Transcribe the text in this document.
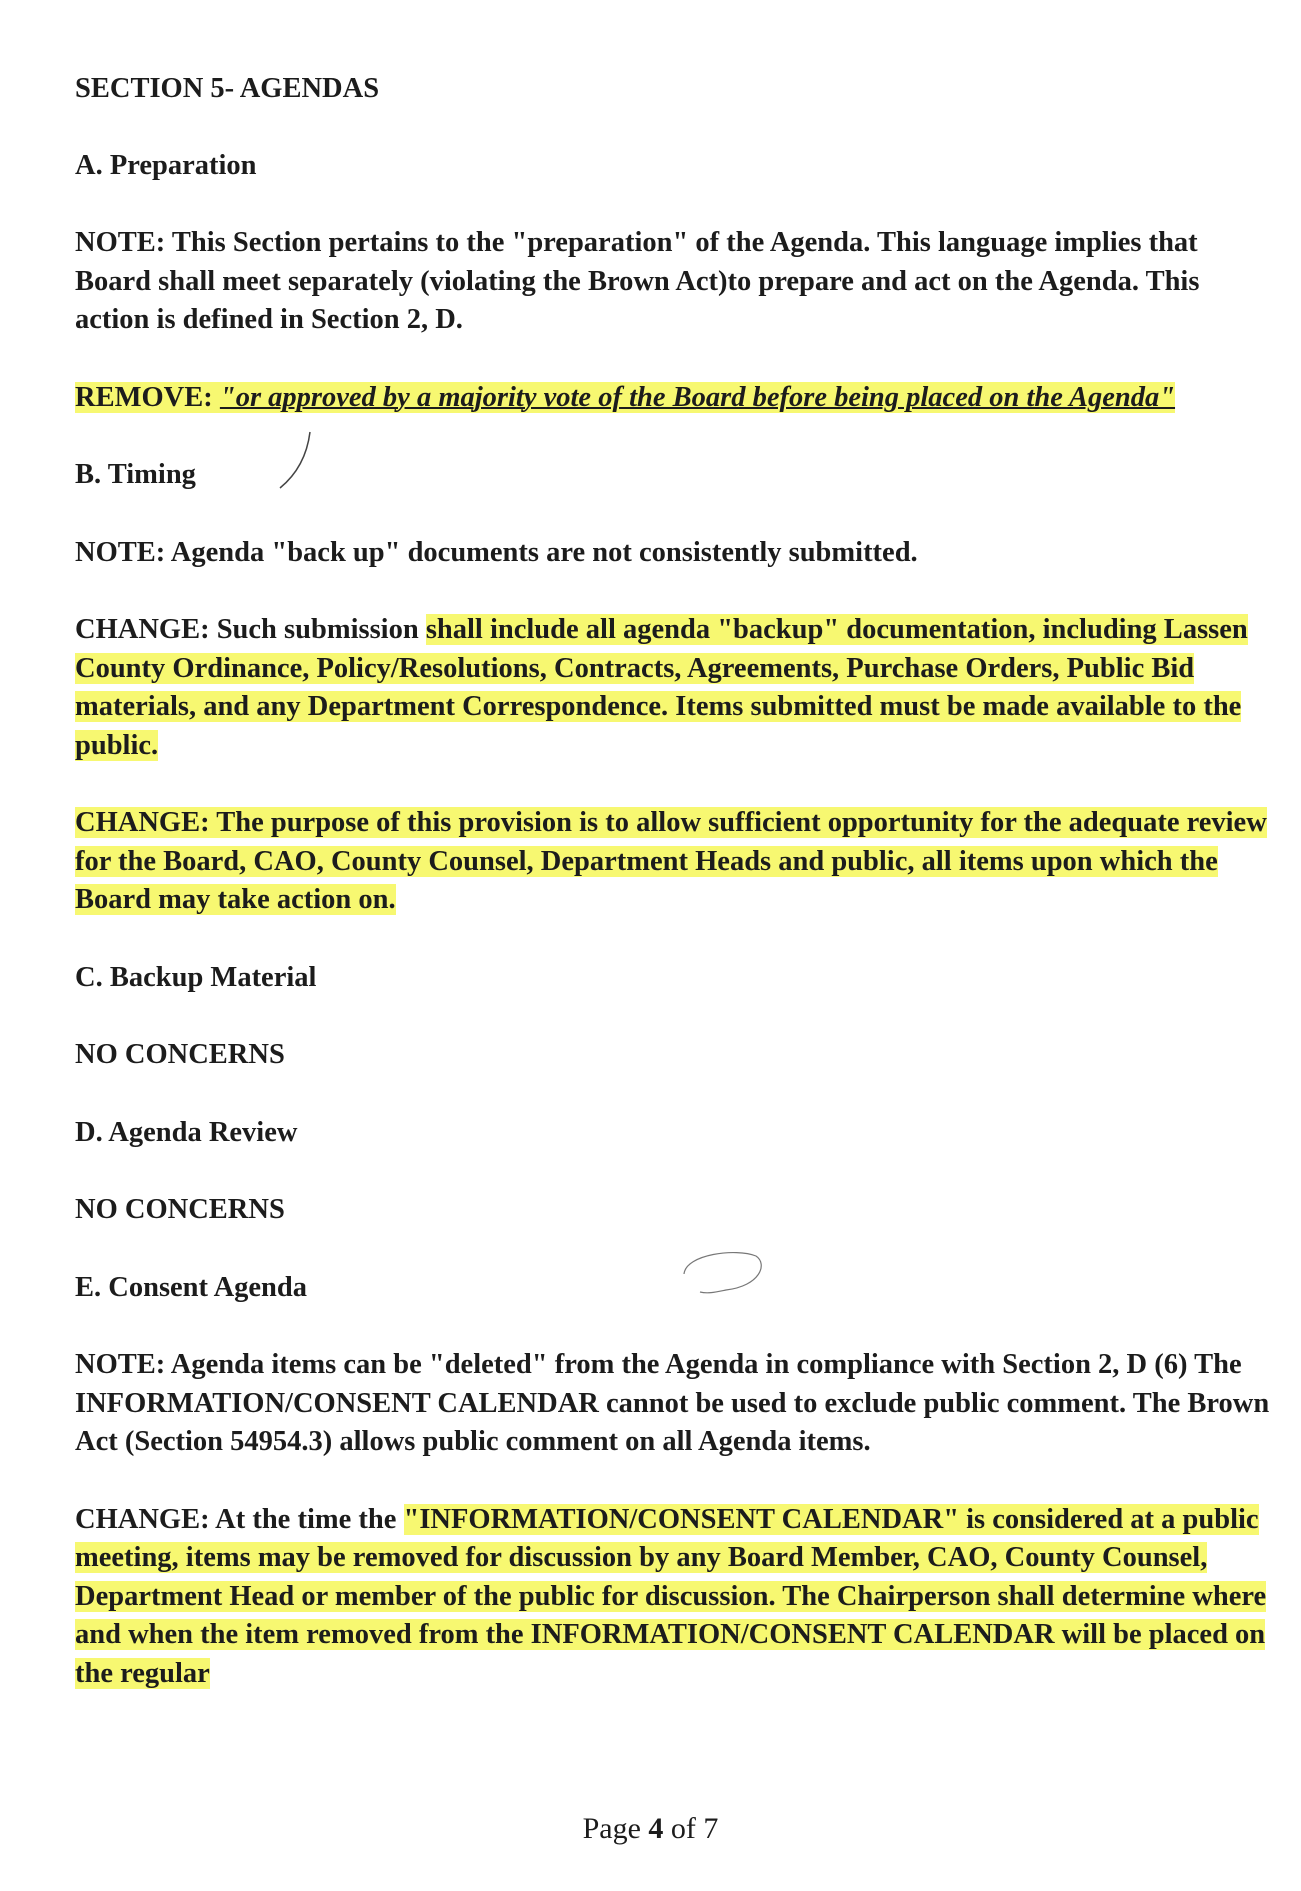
SECTION 5- AGENDAS

A. Preparation

NOTE: This Section pertains to the "preparation" of the Agenda. This language implies that Board shall meet separately (violating the Brown Act)to prepare and act on the Agenda. This action is defined in Section 2, D.

REMOVE: "or approved by a majority vote of the Board before being placed on the Agenda"

B. Timing

NOTE: Agenda "back up" documents are not consistently submitted.

CHANGE: Such submission shall include all agenda "backup" documentation, including Lassen County Ordinance, Policy/Resolutions, Contracts, Agreements, Purchase Orders, Public Bid materials, and any Department Correspondence. Items submitted must be made available to the public.

CHANGE: The purpose of this provision is to allow sufficient opportunity for the adequate review for the Board, CAO, County Counsel, Department Heads and public, all items upon which the Board may take action on.

C. Backup Material

NO CONCERNS

D. Agenda Review

NO CONCERNS

E. Consent Agenda

NOTE: Agenda items can be "deleted" from the Agenda in compliance with Section 2, D (6) The INFORMATION/CONSENT CALENDAR cannot be used to exclude public comment. The Brown Act (Section 54954.3) allows public comment on all Agenda items.

CHANGE: At the time the "INFORMATION/CONSENT CALENDAR" is considered at a public meeting, items may be removed for discussion by any Board Member, CAO, County Counsel, Department Head or member of the public for discussion. The Chairperson shall determine where and when the item removed from the INFORMATION/CONSENT CALENDAR will be placed on the regular

Page 4 of 7
